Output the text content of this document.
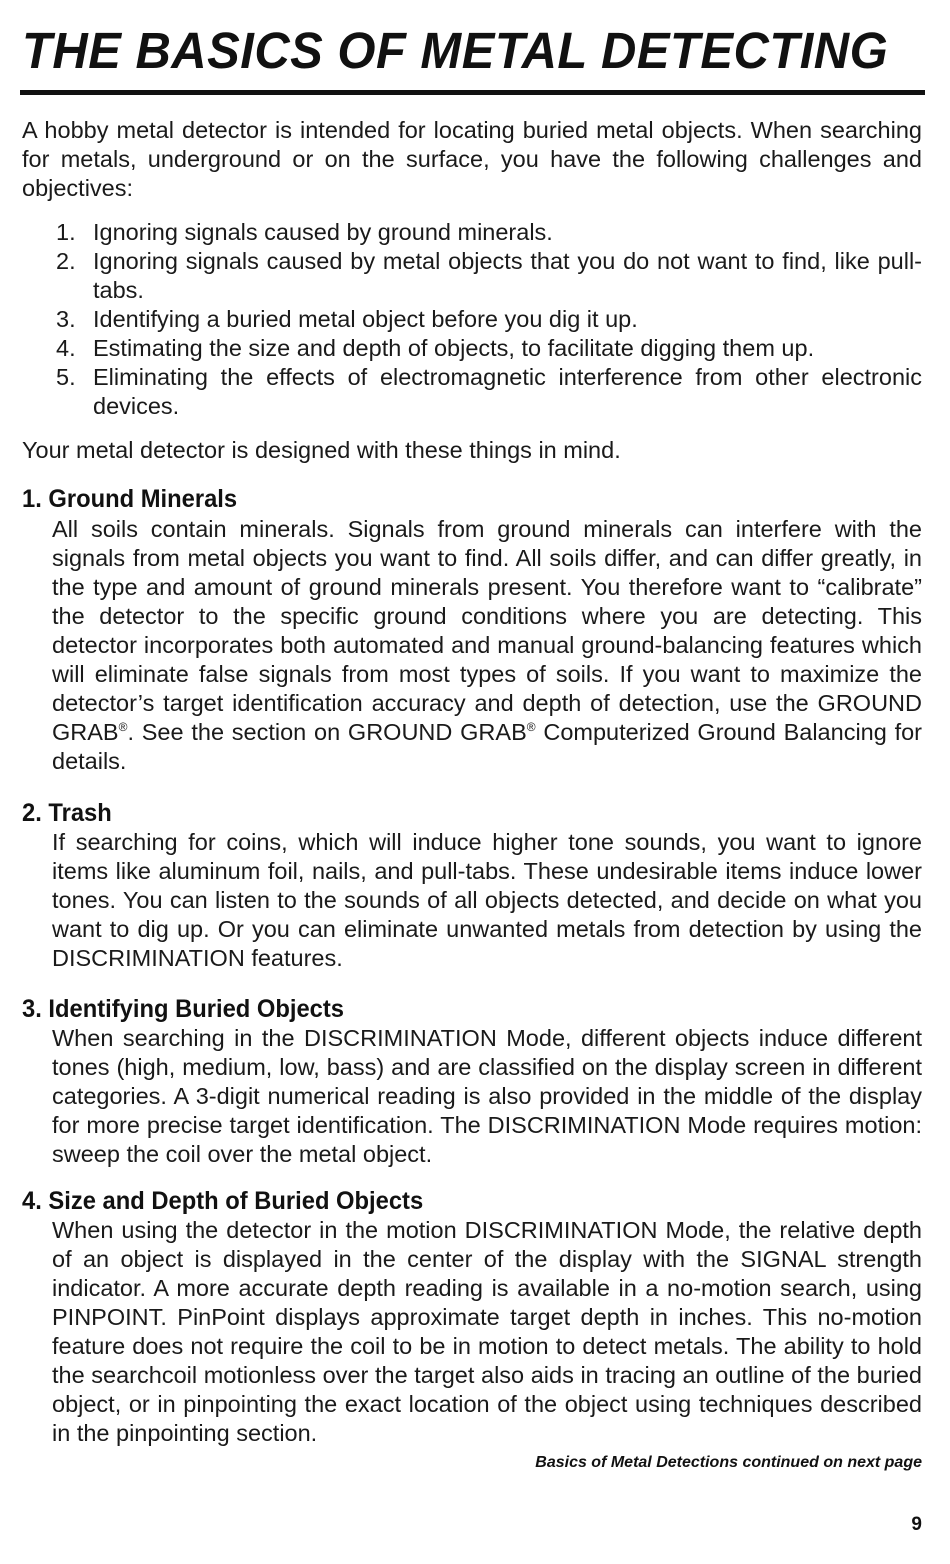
THE BASICS OF METAL DETECTING

A hobby metal detector is intended for locating buried metal objects. When searching for metals, underground or on the surface, you have the following challenges and objectives:

1. Ignoring signals caused by ground minerals.
2. Ignoring signals caused by metal objects that you do not want to find, like pull-tabs.
3. Identifying a buried metal object before you dig it up.
4. Estimating the size and depth of objects, to facilitate digging them up.
5. Eliminating the effects of electromagnetic interference from other electronic devices.

Your metal detector is designed with these things in mind.

1. Ground Minerals

All soils contain minerals. Signals from ground minerals can interfere with the signals from metal objects you want to find. All soils differ, and can differ greatly, in the type and amount of ground minerals present. You therefore want to “calibrate” the detector to the specific ground conditions where you are detecting. This detector incorporates both automated and manual ground-balancing features which will eliminate false signals from most types of soils. If you want to maximize the detector’s target identification accuracy and depth of detection, use the GROUND GRAB®. See the section on GROUND GRAB® Computerized Ground Balancing for details.

2. Trash

If searching for coins, which will induce higher tone sounds, you want to ignore items like aluminum foil, nails, and pull-tabs. These undesirable items induce lower tones. You can listen to the sounds of all objects detected, and decide on what you want to dig up. Or you can eliminate unwanted metals from detection by using the DISCRIMINATION features.

3. Identifying Buried Objects

When searching in the DISCRIMINATION Mode, different objects induce different tones (high, medium, low, bass) and are classified on the display screen in different categories. A 3-digit numerical reading is also provided in the middle of the display for more precise target identification. The DISCRIMINATION Mode requires motion: sweep the coil over the metal object.

4. Size and Depth of Buried Objects

When using the detector in the motion DISCRIMINATION Mode, the relative depth of an object is displayed in the center of the display with the SIGNAL strength indicator. A more accurate depth reading is available in a no-motion search, using PINPOINT. PinPoint displays approximate target depth in inches. This no-motion feature does not require the coil to be in motion to detect metals. The ability to hold the searchcoil motionless over the target also aids in tracing an outline of the buried object, or in pinpointing the exact location of the object using techniques described in the pinpointing section.

Basics of Metal Detections continued on next page

9
